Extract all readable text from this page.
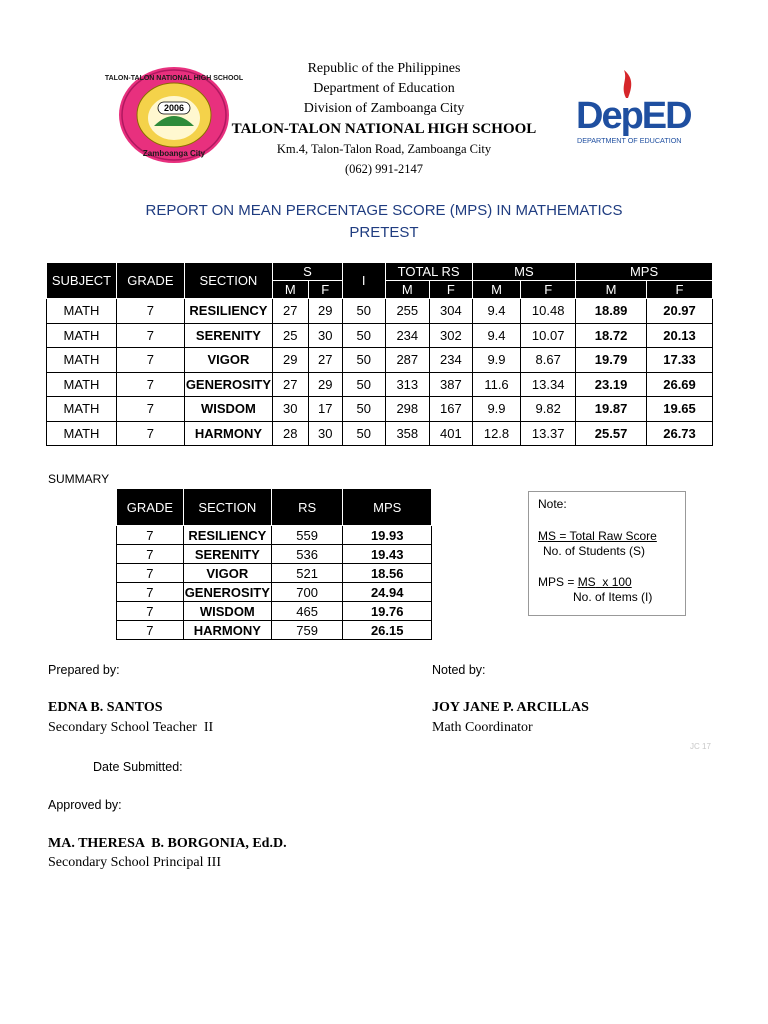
2006
TALON-TALON NATIONAL HIGH SCHOOL
Zamboanga City
DepED
DEPARTMENT OF EDUCATION
Republic of the Philippines
Department of Education
Division of Zamboanga City
TALON-TALON NATIONAL HIGH SCHOOL
Km.4, Talon-Talon Road, Zamboanga City
(062) 991-2147
REPORT ON MEAN PERCENTAGE SCORE (MPS) IN MATHEMATICS
PRETEST
SUBJECT	GRADE	SECTION	S		I	TOTAL RS		MS		MPS	
			M	F		M	F	M	F	M	F
MATH	7	RESILIENCY	27	29	50	255	304	9.4	10.48	18.89	20.97
MATH	7	SERENITY	25	30	50	234	302	9.4	10.07	18.72	20.13
MATH	7	VIGOR	29	27	50	287	234	9.9	8.67	19.79	17.33
MATH	7	GENEROSITY	27	29	50	313	387	11.6	13.34	23.19	26.69
MATH	7	WISDOM	30	17	50	298	167	9.9	9.82	19.87	19.65
MATH	7	HARMONY	28	30	50	358	401	12.8	13.37	25.57	26.73
SUMMARY
GRADE	SECTION	RS	MPS
7	RESILIENCY	559	19.93
7	SERENITY	536	19.43
7	VIGOR	521	18.56
7	GENEROSITY	700	24.94
7	WISDOM	465	19.76
7	HARMONY	759	26.15
Note:
MS = Total Raw Score
No. of Students (S)
MPS = MS  x 100
No. of Items (I)
Prepared by:	Noted by:
EDNA B. SANTOS
Secondary School Teacher  II
JOY JANE P. ARCILLAS
Math Coordinator
JC 17
Date Submitted:
Approved by:
MA. THERESA  B. BORGONIA, Ed.D.
Secondary School Principal III
